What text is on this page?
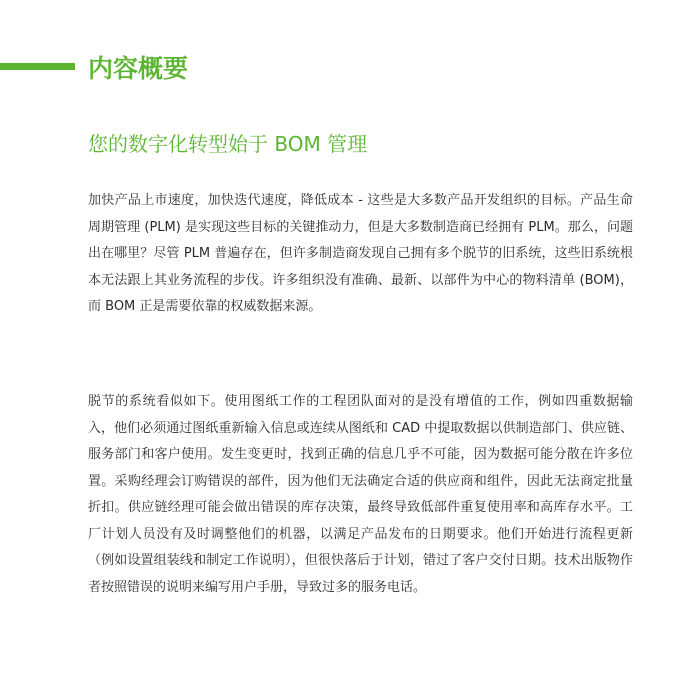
内容概要
您的数字化转型始于 BOM 管理

加快产品上市速度，加快迭代速度，降低成本 - 这些是大多数产品开发组织的目标。产品生命周期管理 (PLM) 是实现这些目标的关键推动力，但是大多数制造商已经拥有 PLM。那么，问题出在哪里？尽管 PLM 普遍存在，但许多制造商发现自己拥有多个脱节的旧系统，这些旧系统根本无法跟上其业务流程的步伐。许多组织没有准确、最新、以部件为中心的物料清单 (BOM)，而 BOM 正是需要依靠的权威数据来源。

脱节的系统看似如下。使用图纸工作的工程团队面对的是没有增值的工作，例如四重数据输入，他们必须通过图纸重新输入信息或连续从图纸和 CAD 中提取数据以供制造部门、供应链、服务部门和客户使用。发生变更时，找到正确的信息几乎不可能，因为数据可能分散在许多位置。采购经理会订购错误的部件，因为他们无法确定合适的供应商和组件，因此无法商定批量折扣。供应链经理可能会做出错误的库存决策，最终导致低部件重复使用率和高库存水平。工厂计划人员没有及时调整他们的机器，以满足产品发布的日期要求。他们开始进行流程更新（例如设置组装线和制定工作说明），但很快落后于计划，错过了客户交付日期。技术出版物作者按照错误的说明来编写用户手册，导致过多的服务电话。
